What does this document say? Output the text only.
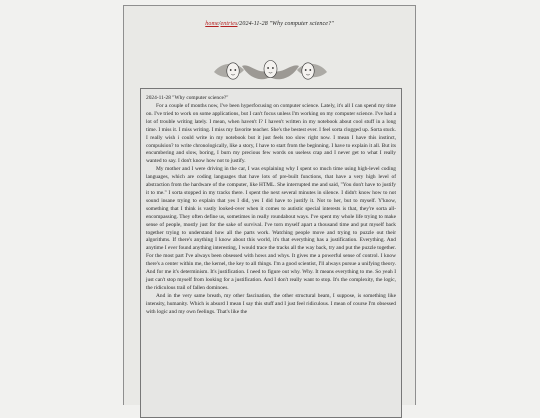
home/entries/2024-11-28 "Why computer science?"
2024-11-28 "Why computer science?"

For a couple of months now, I've been hyperfocusing on computer science. Lately, it's all I can spend my time on. I've tried to work on some applications, but I can't focus unless I'm working on my computer science. I've had a lot of trouble writing lately. I mean, when haven't I? I haven't written in my notebook about cool stuff in a long time. I miss it. I miss writing. I miss my favorite teacher. She's the bestest ever. I feel sorta clogged up. Sorta stuck. I really wish i could write in my notebook but it just feels too slow right now. I mean I have this instinct, compulsion? to write chronologically, like a story, I have to start from the beginning. I have to explain it all. But its encumbering and slow, boring, I burn my precious few words on useless crap and I never get to what I really wanted to say. I don't know how not to justify.

My mother and I were driving in the car, I was explaining why I spent so much time using high-level coding languages, which are coding languages that have lots of pre-built functions, that have a very high level of abstraction from the hardware of the computer, like HTML. She interrupted me and said, "You don't have to justify it to me." I sorta stopped in my tracks there. I spent the next several minutes in silence. I didn't know how to not sound insane trying to explain that yes I did, yes I did have to justify it. Not to her, but to myself. Y'know, something that I think is vastly looked-over when it comes to autistic special interests is that, they're sorta all-encompassing. They often define us, sometimes in really roundabout ways. I've spent my whole life trying to make sense of people, mostly just for the sake of survival. I've torn myself apart a thousand time and put myself back together trying to understand how all the parts work. Watching people move and trying to puzzle out their algorithms. If there's anything I know about this world, it's that everything has a justification. Everything. And anytime I ever found anything interesting, I would trace the tracks all the way back, try and put the puzzle together. For the most part I've always been obsessed with hows and whys. It gives me a powerful sense of control. I know there's a center within me, the kernel, the key to all things. I'm a good scientist, I'll always pursue a unifying theory. And for me it's determinism. It's justification. I need to figure out why. Why. It means everything to me. So yeah I just can't stop myself from looking for a justification. And I don't really want to stop. It's the complexity, the logic, the ridiculous trail of fallen dominoes.

And in the very same breath, my other fascination, the other structural beam, I suppose, is something like intensity, humanity. Which is absurd I mean I say this stuff and I just feel ridiculous. I mean of course I'm obsessed with logic and my own feelings. That's like the
